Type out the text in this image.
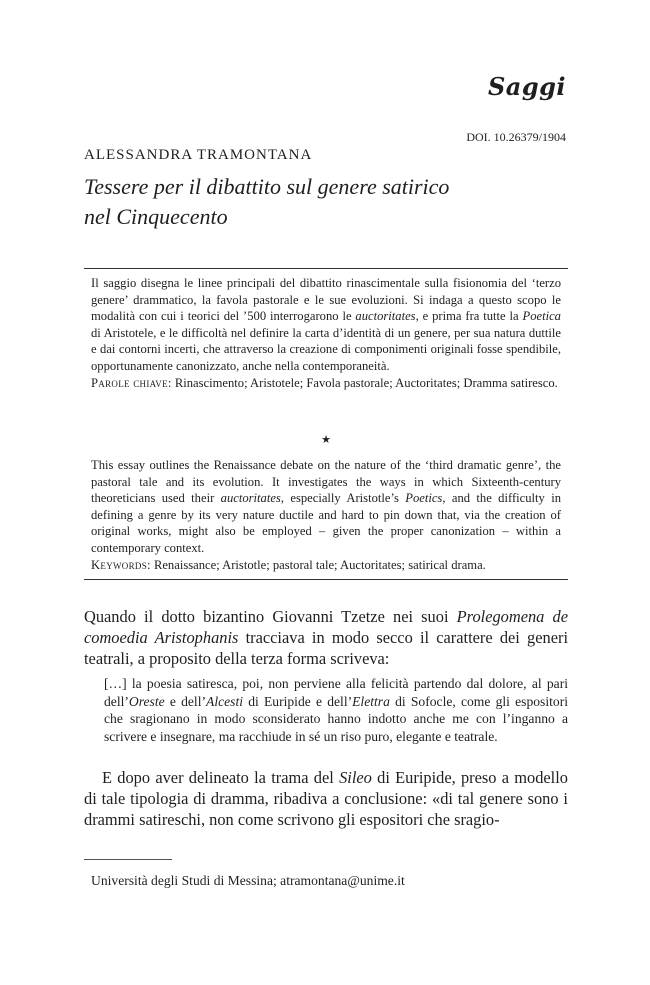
Saggi
DOI. 10.26379/1904
ALESSANDRA TRAMONTANA
Tessere per il dibattito sul genere satirico
nel Cinquecento
Il saggio disegna le linee principali del dibattito rinascimentale sulla fisionomia del ‘terzo genere’ drammatico, la favola pastorale e le sue evoluzioni. Si indaga a questo scopo le modalità con cui i teorici del ’500 interrogarono le auctoritates, e prima fra tutte la Poetica di Aristotele, e le difficoltà nel definire la carta d’identità di un genere, per sua natura duttile e dai contorni incerti, che attraverso la creazione di componimenti originali fosse spendibile, opportunamente canonizzato, anche nella contemporaneità.
Parole chiave: Rinascimento; Aristotele; Favola pastorale; Auctoritates; Dramma satiresco.
★
This essay outlines the Renaissance debate on the nature of the ‘third dramatic genre’, the pastoral tale and its evolution. It investigates the ways in which Sixteenth-century theoreticians used their auctoritates, especially Aristotle’s Poetics, and the difficulty in defining a genre by its very nature ductile and hard to pin down that, via the creation of original works, might also be employed – given the proper canonization – within a contemporary context.
Keywords: Renaissance; Aristotle; pastoral tale; Auctoritates; satirical drama.
Quando il dotto bizantino Giovanni Tzetze nei suoi Prolegomena de comoedia Aristophanis tracciava in modo secco il carattere dei generi teatrali, a proposito della terza forma scriveva:
[…] la poesia satiresca, poi, non perviene alla felicità partendo dal dolore, al pari dell’Oreste e dell’Alcesti di Euripide e dell’Elettra di Sofocle, come gli espositori che sragionano in modo sconsiderato hanno indotto anche me con l’inganno a scrivere e insegnare, ma racchiude in sé un riso puro, elegante e teatrale.
E dopo aver delineato la trama del Sileo di Euripide, preso a modello di tale tipologia di dramma, ribadiva a conclusione: «di tal genere sono i drammi satireschi, non come scrivono gli espositori che sragio-
Università degli Studi di Messina; atramontana@unime.it
